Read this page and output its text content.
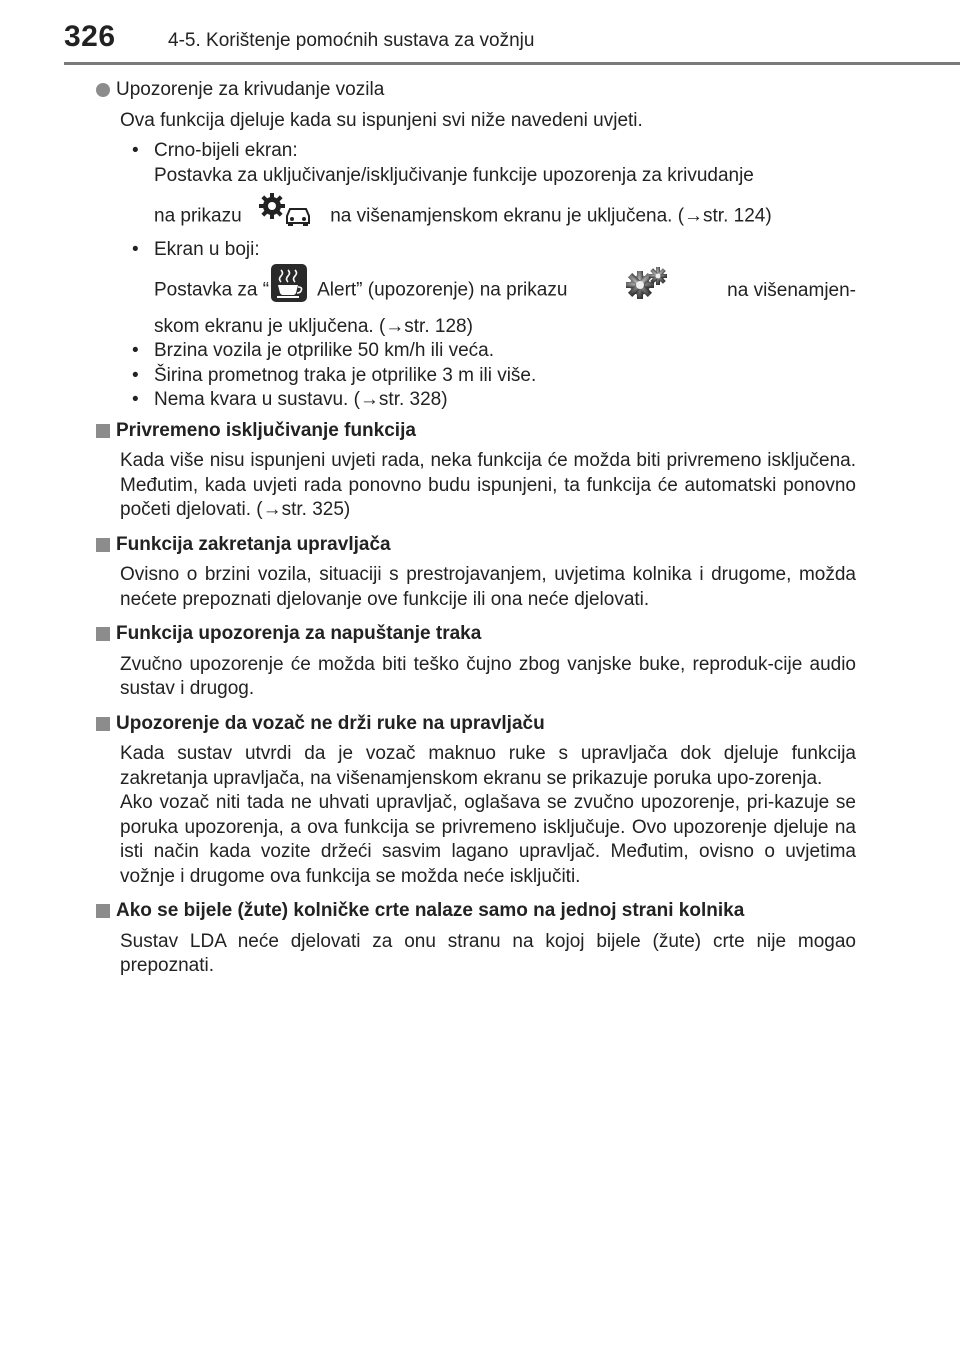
326	4-5. Korištenje pomoćnih sustava za vožnju
Upozorenje za krivudanje vozila
Ova funkcija djeluje kada su ispunjeni svi niže navedeni uvjeti.
• Crno-bijeli ekran:
Postavka za uključivanje/isključivanje funkcije upozorenja za krivudanje
na prikazu	na višenamjenskom ekranu je uključena. (→str. 124)
• Ekran u boji:
Postavka za “	Alert” (upozorenje) na prikazu	na višenamjen-
skom ekranu je uključena. (→str. 128)
• Brzina vozila je otprilike 50 km/h ili veća.
• Širina prometnog traka je otprilike 3 m ili više.
• Nema kvara u sustavu. (→str. 328)
Privremeno isključivanje funkcija
Kada više nisu ispunjeni uvjeti rada, neka funkcija će možda biti privremeno isključena. Međutim, kada uvjeti rada ponovno budu ispunjeni, ta funkcija će automatski ponovno početi djelovati. (→str. 325)
Funkcija zakretanja upravljača
Ovisno o brzini vozila, situaciji s prestrojavanjem, uvjetima kolnika i drugome, možda nećete prepoznati djelovanje ove funkcije ili ona neće djelovati.
Funkcija upozorenja za napuštanje traka
Zvučno upozorenje će možda biti teško čujno zbog vanjske buke, reproduk-cije audio sustav i drugog.
Upozorenje da vozač ne drži ruke na upravljaču
Kada sustav utvrdi da je vozač maknuo ruke s upravljača dok djeluje funkcija zakretanja upravljača, na višenamjenskom ekranu se prikazuje poruka upo-zorenja.
Ako vozač niti tada ne uhvati upravljač, oglašava se zvučno upozorenje, pri-kazuje se poruka upozorenja, a ova funkcija se privremeno isključuje. Ovo upozorenje djeluje na isti način kada vozite držeći sasvim lagano upravljač. Međutim, ovisno o uvjetima vožnje i drugome ova funkcija se možda neće isključiti.
Ako se bijele (žute) kolničke crte nalaze samo na jednoj strani kolnika
Sustav LDA neće djelovati za onu stranu na kojoj bijele (žute) crte nije mogao prepoznati.
